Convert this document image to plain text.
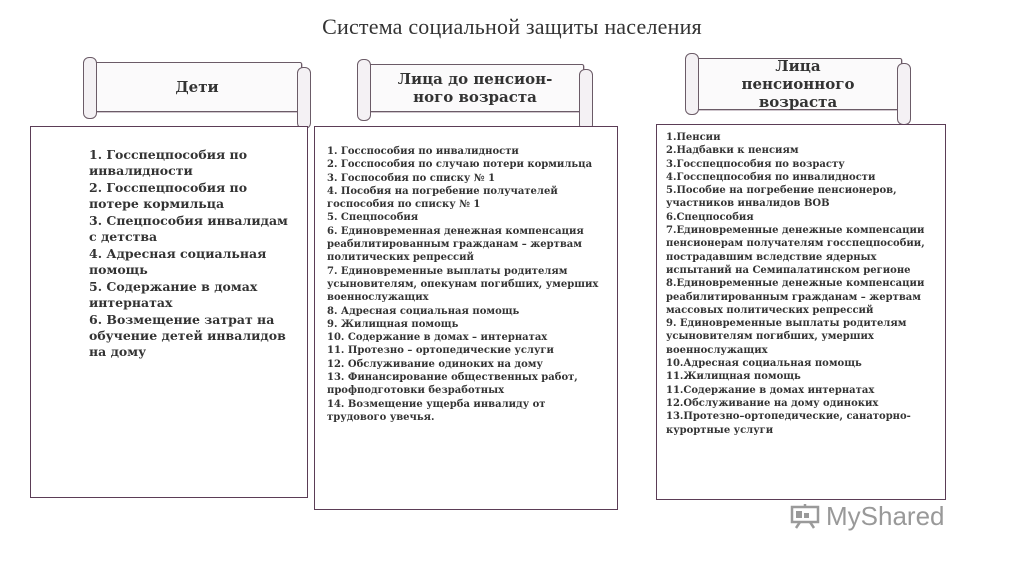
Система социальной защиты населения
Дети
1. Госспецпособия по инвалидности
2. Госспецпособия по потере кормильца
3. Спецпособия инвалидам с детства
4. Адресная социальная помощь
5. Содержание в домах интернатах
6. Возмещение затрат на обучение детей инвалидов на дому
Лица до пенсион-ного возраста
1. Госспособия по инвалидности
2. Госспособия по случаю потери кормильца
3. Госпособия по списку № 1
4. Пособия на погребение получателей госпособия по списку № 1
5. Спецпособия
6. Единовременная денежная компенсация реабилитированным гражданам – жертвам политических репрессий
7. Единовременные выплаты родителям усыновителям, опекунам погибших, умерших военнослужащих
8. Адресная социальная помощь
9. Жилищная помощь
10. Содержание в домах – интернатах
11. Протезно – ортопедические услуги
12. Обслуживание одиноких на дому
13. Финансирование общественных работ, профподготовки безработных
14. Возмещение ущерба инвалиду от трудового увечья.
Лица пенсионного возраста
1.Пенсии
2.Надбавки к пенсиям
3.Госспецпособия по возрасту
4.Госспецпособия по инвалидности
5.Пособие на погребение пенсионеров, участников инвалидов ВОВ
6.Спецпособия
7.Единовременные денежные компенсации пенсионерам получателям госспецпособии, пострадавшим вследствие ядерных испытаний на Семипалатинском регионе
8.Единовременные денежные компенсации реабилитированным гражданам – жертвам массовых политических репрессий
9. Единовременные выплаты родителям усыновителям погибших, умерших военнослужащих
10.Адресная социальная помощь
11.Жилищная помощь
11.Содержание в домах интернатах
12.Обслуживание на дому одиноких
13.Протезно–ортопедические, санаторно-курортные услуги
MyShared
